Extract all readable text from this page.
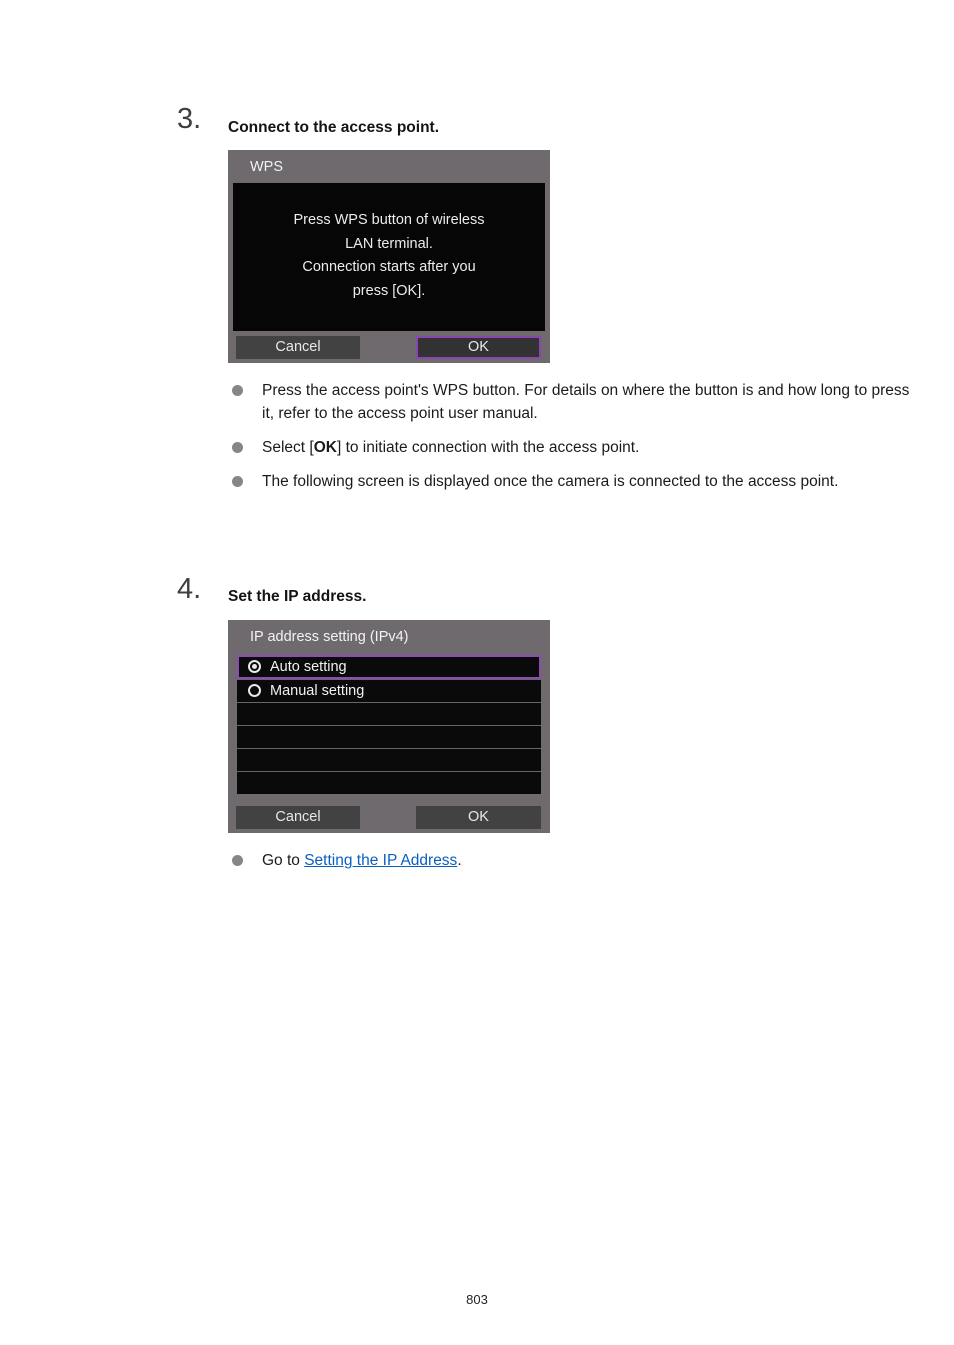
3. Connect to the access point.
WPS
Press WPS button of wireless
LAN terminal.
Connection starts after you
press [OK].
Cancel	OK
Press the access point's WPS button. For details on where the button is and how long to press it, refer to the access point user manual.
Select [OK] to initiate connection with the access point.
The following screen is displayed once the camera is connected to the access point.
4. Set the IP address.
IP address setting (IPv4)
Auto setting
Manual setting
Cancel	OK
Go to Setting the IP Address.
803
